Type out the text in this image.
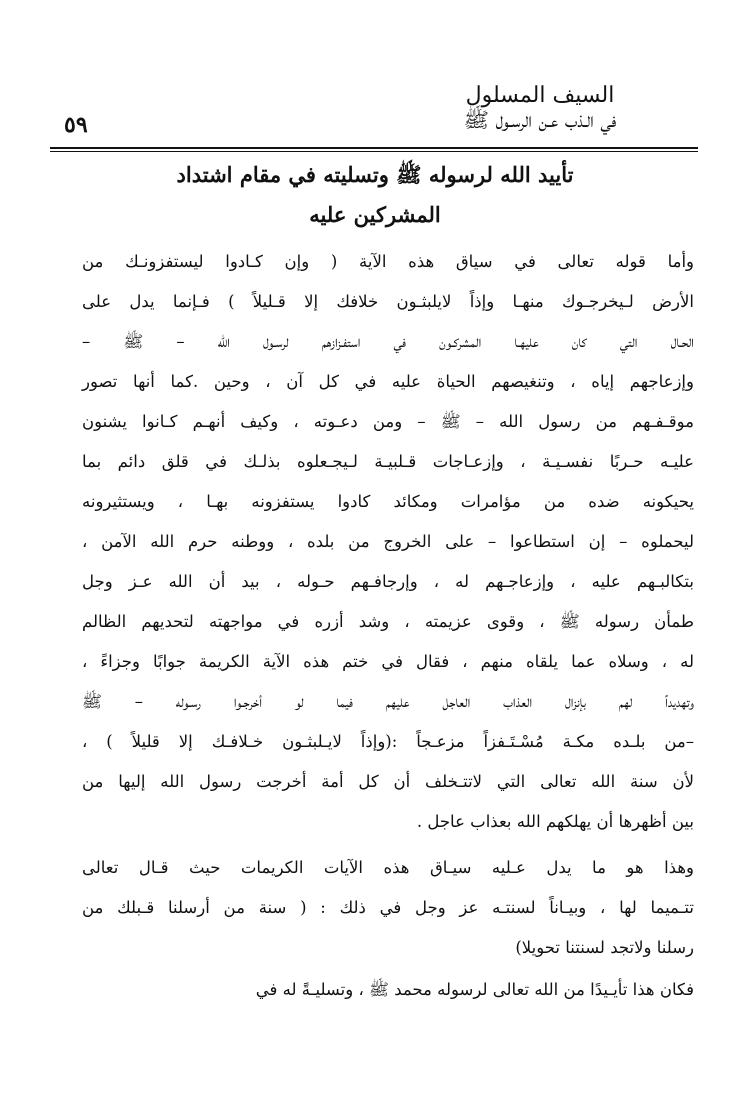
السيف المسلول
في الـذب عـن الرسـول ﷺ
٥٩
تأييد الله لرسوله ﷺ وتسليته في مقام اشتداد
المشركين عليه
وأما قوله تعالى في سياق هذه الآية ( وإن كـادوا ليستفزونـك من
الأرض لـيخرجـوك منهـا وإذاً لايلبثـون خلافك إلا قـليلاً ) فـإنما يدل على
الحـال التي كان عليهـا المشركـون في استفـزازهم لرسـول الله – ﷺ –
وإزعاجهم إياه ، وتنغيصهم الحياة عليه في كل آن ، وحين .كما أنها تصور
موقـفـهم من رسول الله – ﷺ – ومن دعـوته ، وكيف أنهـم كـانوا يشنون
عليـه حـربًا نفسـيـة ، وإزعـاجات قـلبيـة لـيجـعلوه بذلـك في قلق دائم بما
يحيكونه ضده من مؤامرات ومكائد كادوا يستفزونه بهـا ، ويستثيرونه
ليحملوه – إن استطاعوا – على الخروج من بلده ، ووطنه حرم الله الآمن ،
بتكالبـهم عليه ، وإزعاجـهم له ، وإرجافـهم حـوله ، بيد أن الله عـز وجل
طمأن رسوله ﷺ ، وقوى عزيمته ، وشد أزره في مواجهته لتحديهم الظالم
له ، وسلاه عما يلقاه منهم ، فقال في ختم هذه الآية الكريمة جوابًا وجزاءً ،
وتهديداً لهم بإنزال العذاب العاجل عليهم فيما لو أخرجـوا رسـوله – ﷺ
–من بلـده مكـة مُسْـتَـفزاً مزعـجاً :(وإذاً لايـلبثـون خـلافـك إلا قليلاً ) ،
لأن سنة الله تعالى التي لاتتـخلف أن كل أمة أخرجت رسول الله إليها من
بين أظهرها أن يهلكهم الله بعذاب عاجل .
وهذا هو ما يدل عـليه سيـاق هذه الآيات الكريمات حيث قـال تعالى
تتـميما لها ، وبيـاناً لسنتـه عز وجل في ذلك : ( سنة من أرسلنا قـبلك من
رسلنا ولاتجد لسنتنا تحويلا)
فكان هذا تأيـيدًا من الله تعالى لرسوله محمد ﷺ ، وتسليـةً له في
